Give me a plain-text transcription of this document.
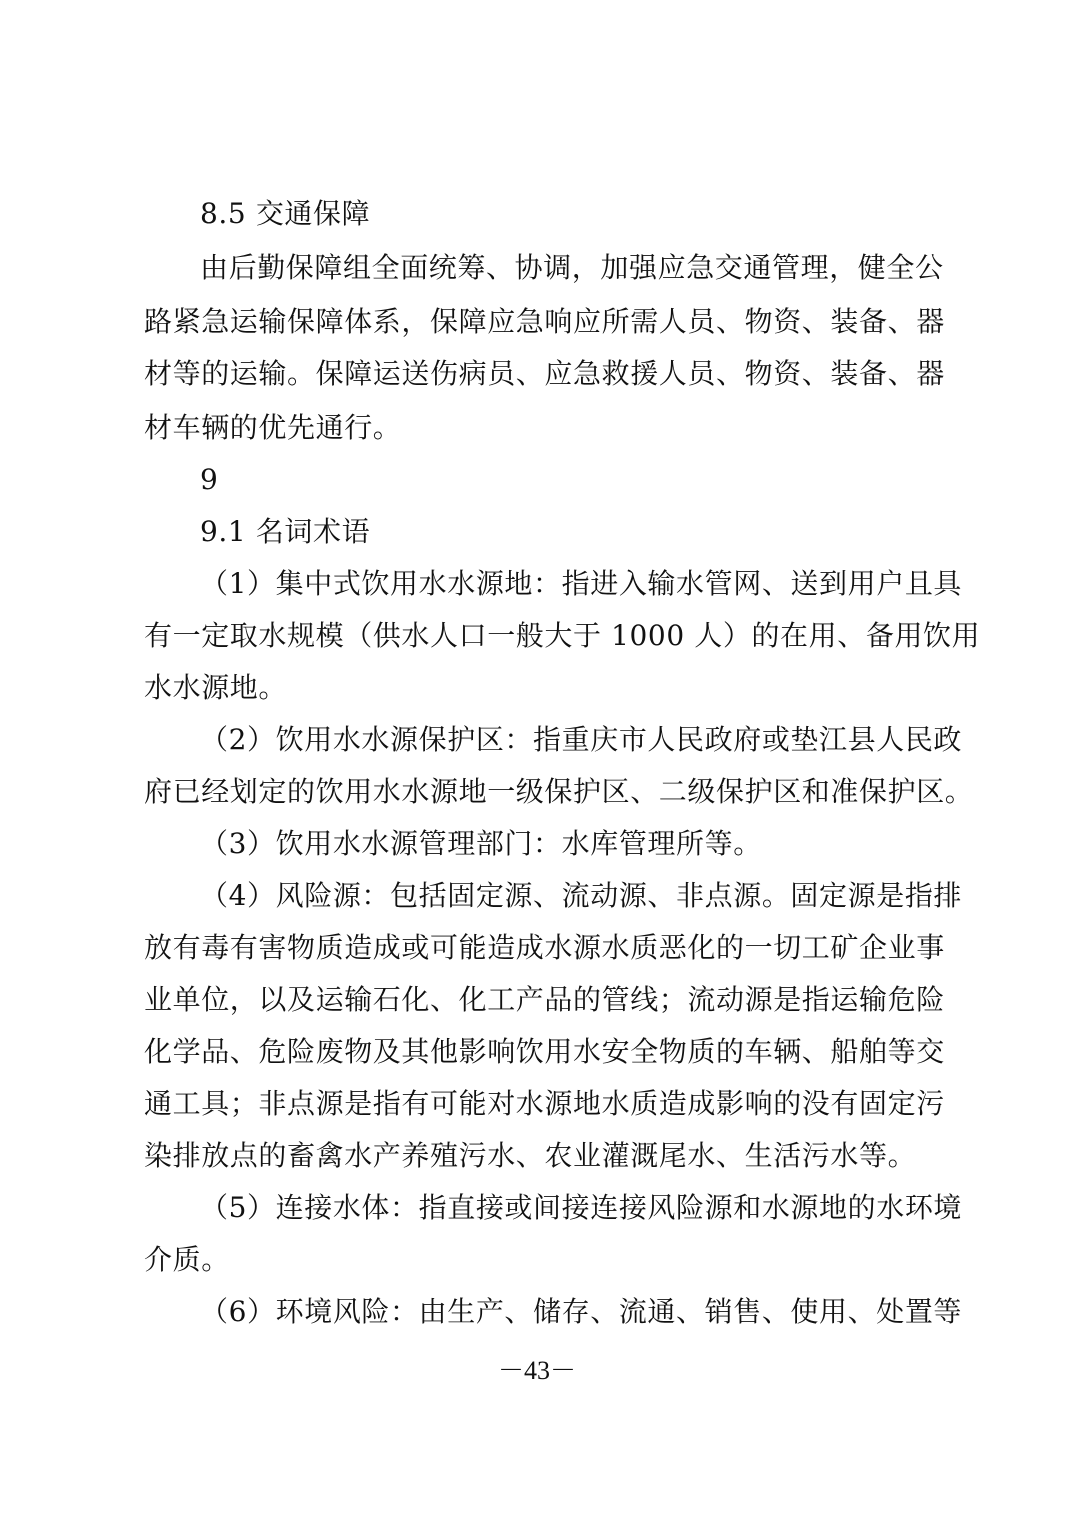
8.5 交通保障
由后勤保障组全面统筹、协调，加强应急交通管理，健全公
路紧急运输保障体系，保障应急响应所需人员、物资、装备、器
材等的运输。保障运送伤病员、应急救援人员、物资、装备、器
材车辆的优先通行。
9
9.1 名词术语
（1）集中式饮用水水源地：指进入输水管网、送到用户且具
有一定取水规模（供水人口一般大于 1000 人）的在用、备用饮用
水水源地。
（2）饮用水水源保护区：指重庆市人民政府或垫江县人民政
府已经划定的饮用水水源地一级保护区、二级保护区和准保护区。
（3）饮用水水源管理部门：水库管理所等。
（4）风险源：包括固定源、流动源、非点源。固定源是指排
放有毒有害物质造成或可能造成水源水质恶化的一切工矿企业事
业单位，以及运输石化、化工产品的管线；流动源是指运输危险
化学品、危险废物及其他影响饮用水安全物质的车辆、船舶等交
通工具；非点源是指有可能对水源地水质造成影响的没有固定污
染排放点的畜禽水产养殖污水、农业灌溉尾水、生活污水等。
（5）连接水体：指直接或间接连接风险源和水源地的水环境
介质。
（6）环境风险：由生产、储存、流通、销售、使用、处置等
－43－
